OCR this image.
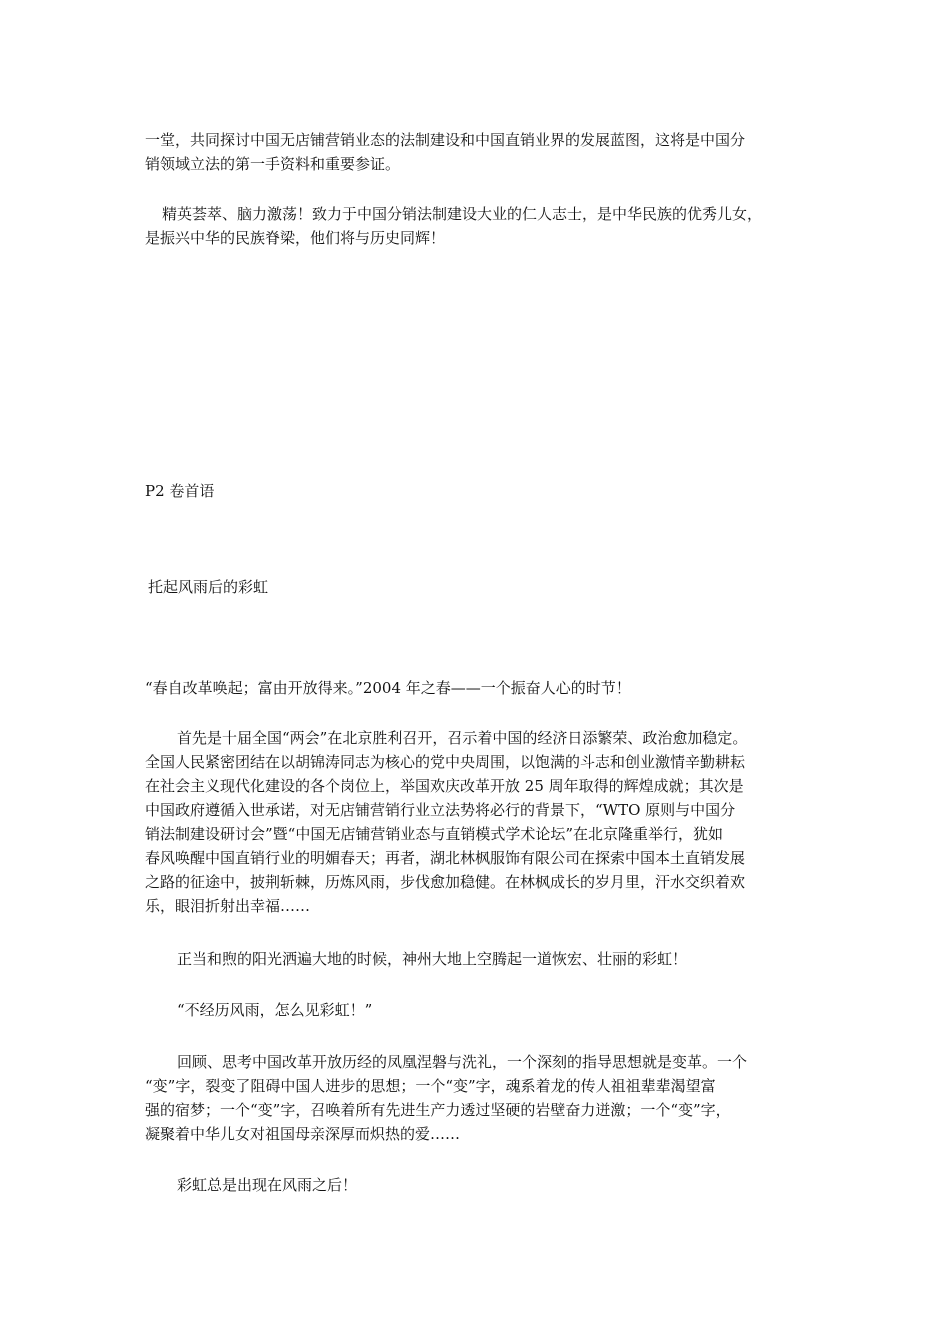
一堂，共同探讨中国无店铺营销业态的法制建设和中国直销业界的发展蓝图，这将是中国分
销领域立法的第一手资料和重要参证。

精英荟萃、脑力激荡！致力于中国分销法制建设大业的仁人志士，是中华民族的优秀儿女，
是振兴中华的民族脊梁，他们将与历史同辉！

P2 卷首语

托起风雨后的彩虹

“春自改革唤起；富由开放得来。”2004 年之春——一个振奋人心的时节！

首先是十届全国“两会”在北京胜利召开，召示着中国的经济日添繁荣、政治愈加稳定。
全国人民紧密团结在以胡锦涛同志为核心的党中央周围，以饱满的斗志和创业激情辛勤耕耘
在社会主义现代化建设的各个岗位上，举国欢庆改革开放 25 周年取得的辉煌成就；其次是
中国政府遵循入世承诺，对无店铺营销行业立法势将必行的背景下，“WTO 原则与中国分
销法制建设研讨会”暨“中国无店铺营销业态与直销模式学术论坛”在北京隆重举行，犹如
春风唤醒中国直销行业的明媚春天；再者，湖北林枫服饰有限公司在探索中国本土直销发展
之路的征途中，披荆斩棘，历炼风雨，步伐愈加稳健。在林枫成长的岁月里，汗水交织着欢
乐，眼泪折射出幸福……

正当和煦的阳光洒遍大地的时候，神州大地上空腾起一道恢宏、壮丽的彩虹！

“不经历风雨，怎么见彩虹！”

回顾、思考中国改革开放历经的凤凰涅磐与洗礼，一个深刻的指导思想就是变革。一个
“变”字，裂变了阻碍中国人进步的思想；一个“变”字，魂系着龙的传人祖祖辈辈渴望富
强的宿梦；一个“变”字，召唤着所有先进生产力透过坚硬的岩壁奋力迸激；一个“变”字，
凝聚着中华儿女对祖国母亲深厚而炽热的爱……

彩虹总是出现在风雨之后！
